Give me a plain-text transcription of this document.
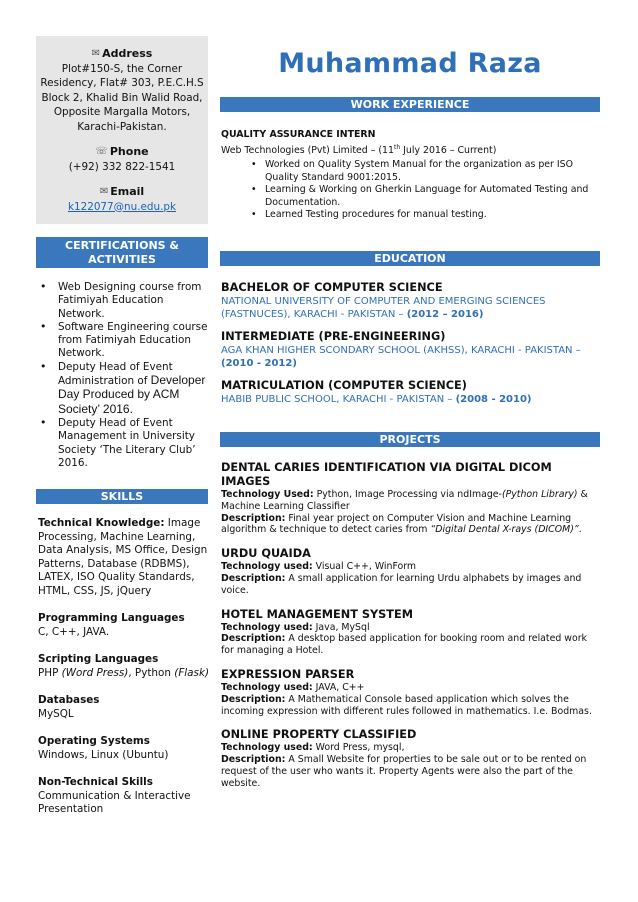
✉ Address
Plot#150-S, the Corner
Residency, Flat# 303, P.E.C.H.S
Block 2, Khalid Bin Walid Road,
Opposite Margalla Motors,
Karachi-Pakistan.
☏ Phone
(+92) 332 822-1541
✉ Email
k122077@nu.edu.pk
CERTIFICATIONS &
ACTIVITIES
• Web Designing course from Fatimiyah Education Network.
• Software Engineering course from Fatimiyah Education Network.
• Deputy Head of Event Administration of Developer Day Produced by ACM Society’ 2016.
• Deputy Head of Event Management in University Society ‘The Literary Club’ 2016.
SKILLS
Technical Knowledge: Image Processing, Machine Learning, Data Analysis, MS Office, Design Patterns, Database (RDBMS), LATEX, ISO Quality Standards, HTML, CSS, JS, jQuery
Programming Languages
C, C++, JAVA.
Scripting Languages
PHP (Word Press), Python (Flask)
Databases
MySQL
Operating Systems
Windows, Linux (Ubuntu)
Non-Technical Skills
Communication & Interactive Presentation
Muhammad Raza
WORK EXPERIENCE
QUALITY ASSURANCE INTERN
Web Technologies (Pvt) Limited – (11th July 2016 – Current)
• Worked on Quality System Manual for the organization as per ISO Quality Standard 9001:2015.
• Learning & Working on Gherkin Language for Automated Testing and Documentation.
• Learned Testing procedures for manual testing.
EDUCATION
BACHELOR OF COMPUTER SCIENCE
NATIONAL UNIVERSITY OF COMPUTER AND EMERGING SCIENCES (FASTNUCES), KARACHI - PAKISTAN – (2012 – 2016)
INTERMEDIATE (PRE-ENGINEERING)
AGA KHAN HIGHER SCONDARY SCHOOL (AKHSS), KARACHI - PAKISTAN – (2010 - 2012)
MATRICULATION (COMPUTER SCIENCE)
HABIB PUBLIC SCHOOL, KARACHI - PAKISTAN – (2008 - 2010)
PROJECTS
DENTAL CARIES IDENTIFICATION VIA DIGITAL DICOM IMAGES
Technology Used: Python, Image Processing via ndImage-(Python Library) & Machine Learning Classifier
Description: Final year project on Computer Vision and Machine Learning algorithm & technique to detect caries from “Digital Dental X-rays (DICOM)”.
URDU QUAIDA
Technology used: Visual C++, WinForm
Description: A small application for learning Urdu alphabets by images and voice.
HOTEL MANAGEMENT SYSTEM
Technology used: Java, MySql
Description: A desktop based application for booking room and related work for managing a Hotel.
EXPRESSION PARSER
Technology used: JAVA, C++
Description: A Mathematical Console based application which solves the incoming expression with different rules followed in mathematics. I.e. Bodmas.
ONLINE PROPERTY CLASSIFIED
Technology used: Word Press, mysql,
Description: A Small Website for properties to be sale out or to be rented on request of the user who wants it. Property Agents were also the part of the website.
